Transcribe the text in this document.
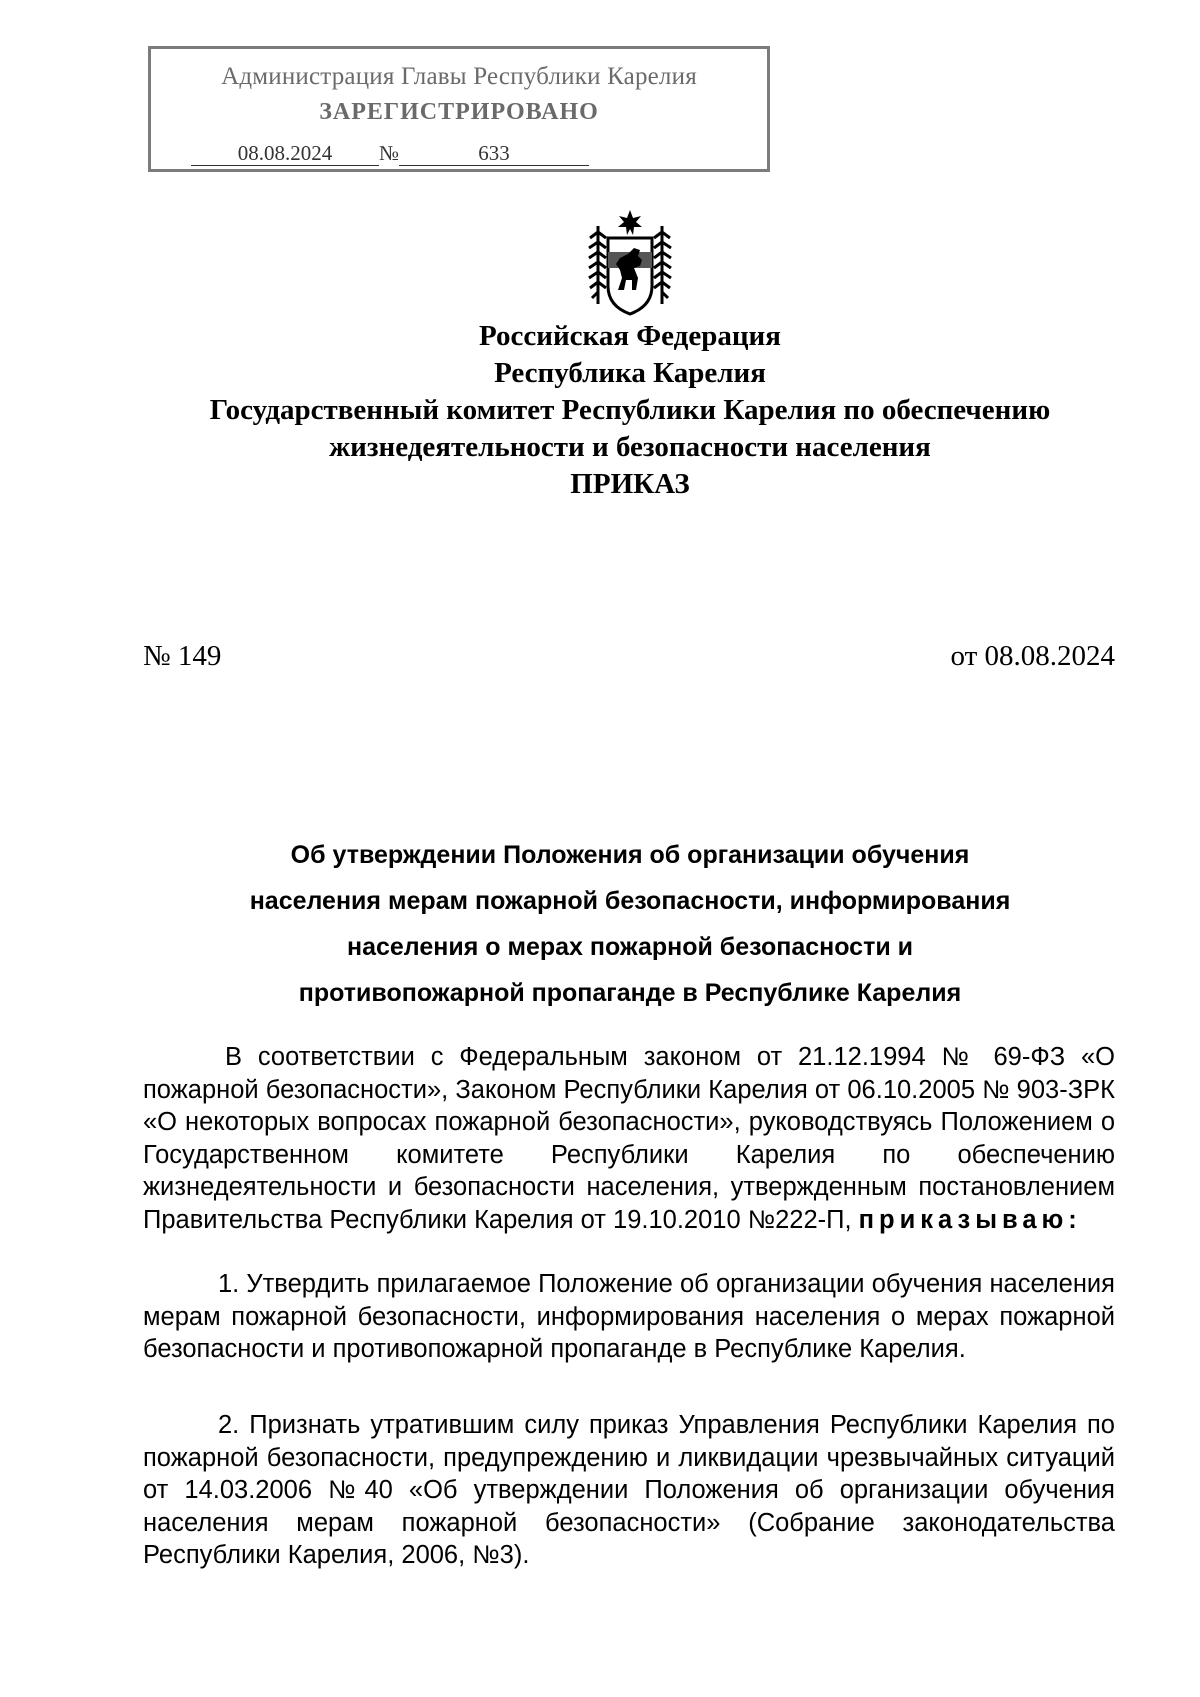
Администрация Главы Республики Карелия
ЗАРЕГИСТРИРОВАНО
08.08.2024 №	633
Российская Федерация
Республика Карелия
Государственный комитет Республики Карелия по обеспечению
жизнедеятельности и безопасности населения
ПРИКАЗ
№ 149	от 08.08.2024
Об утверждении Положения об организации обучения
населения мерам пожарной безопасности, информирования
населения о мерах пожарной безопасности и
противопожарной пропаганде в Республике Карелия

В соответствии с Федеральным законом от 21.12.1994 № 69-ФЗ «О пожарной безопасности», Законом Республики Карелия от 06.10.2005 № 903-ЗРК «О некоторых вопросах пожарной безопасности», руководствуясь Положением о Государственном комитете Республики Карелия по обеспечению жизнедеятельности и безопасности населения, утвержденным постановлением Правительства Республики Карелия от 19.10.2010 №222-П, приказываю:

1. Утвердить прилагаемое Положение об организации обучения населения мерам пожарной безопасности, информирования населения о мерах пожарной безопасности и противопожарной пропаганде в Республике Карелия.

2. Признать утратившим силу приказ Управления Республики Карелия по пожарной безопасности, предупреждению и ликвидации чрезвычайных ситуаций от 14.03.2006 №40 «Об утверждении Положения об организации обучения населения мерам пожарной безопасности» (Собрание законодательства Республики Карелия, 2006, №3).
